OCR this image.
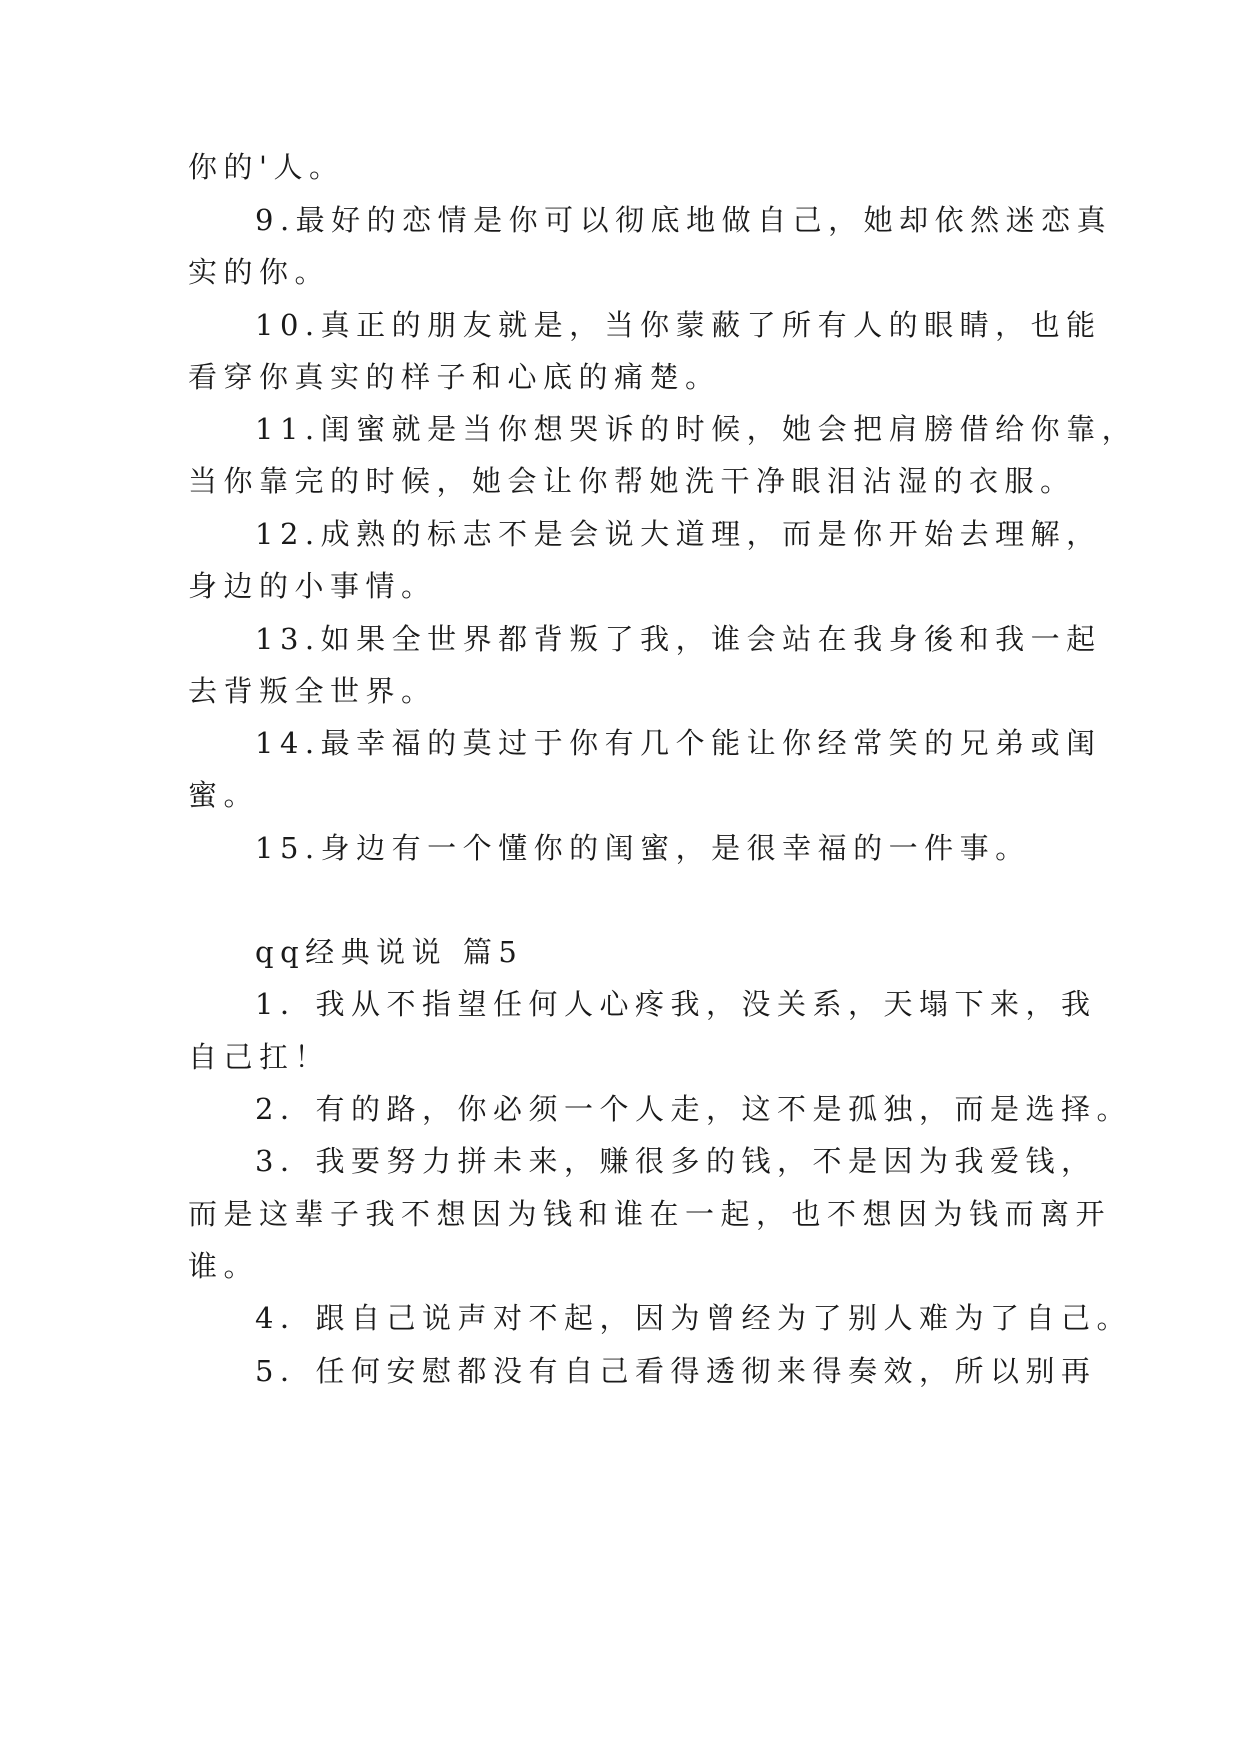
你的'人。

9.最好的恋情是你可以彻底地做自己，她却依然迷恋真

实的你。

10.真正的朋友就是，当你蒙蔽了所有人的眼睛，也能

看穿你真实的样子和心底的痛楚。

11.闺蜜就是当你想哭诉的时候，她会把肩膀借给你靠，

当你靠完的时候，她会让你帮她洗干净眼泪沾湿的衣服。

12.成熟的标志不是会说大道理，而是你开始去理解，

身边的小事情。

13.如果全世界都背叛了我，谁会站在我身後和我一起

去背叛全世界。

14.最幸福的莫过于你有几个能让你经常笑的兄弟或闺

蜜。

15.身边有一个懂你的闺蜜，是很幸福的一件事。

qq经典说说 篇5

1．我从不指望任何人心疼我，没关系，天塌下来，我

自己扛！

2．有的路，你必须一个人走，这不是孤独，而是选择。

3．我要努力拼未来，赚很多的钱，不是因为我爱钱，

而是这辈子我不想因为钱和谁在一起，也不想因为钱而离开

谁。

4．跟自己说声对不起，因为曾经为了别人难为了自己。

5．任何安慰都没有自己看得透彻来得奏效，所以别再
